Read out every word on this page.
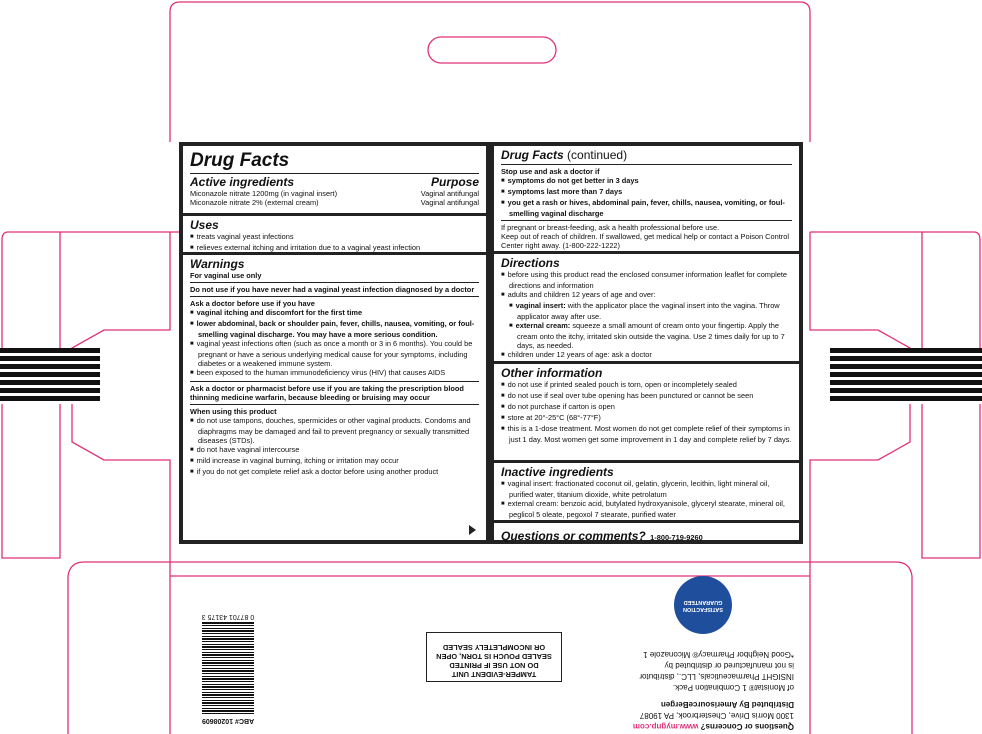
Drug Facts
Active ingredients	Purpose
Miconazole nitrate 1200mg (in vaginal insert)	Vaginal antifungal
Miconazole nitrate 2% (external cream)	Vaginal antifungal
Uses
■ treats vaginal yeast infections
■ relieves external itching and irritation due to a vaginal yeast infection
Warnings
For vaginal use only
Do not use if you have never had a vaginal yeast infection diagnosed by a doctor
Ask a doctor before use if you have
■ vaginal itching and discomfort for the first time
■ lower abdominal, back or shoulder pain, fever, chills, nausea, vomiting, or foul-smelling vaginal discharge. You may have a more serious condition.
■ vaginal yeast infections often (such as once a month or 3 in 6 months). You could be pregnant or have a serious underlying medical cause for your symptoms, including diabetes or a weakened immune system.
■ been exposed to the human immunodeficiency virus (HIV) that causes AIDS
Ask a doctor or pharmacist before use if you are taking the prescription blood thinning medicine warfarin, because bleeding or bruising may occur
When using this product
■ do not use tampons, douches, spermicides or other vaginal products. Condoms and diaphragms may be damaged and fail to prevent pregnancy or sexually transmitted diseases (STDs).
■ do not have vaginal intercourse
■ mild increase in vaginal burning, itching or irritation may occur
■ if you do not get complete relief ask a doctor before using another product
Drug Facts (continued)
Stop use and ask a doctor if
■ symptoms do not get better in 3 days
■ symptoms last more than 7 days
■ you get a rash or hives, abdominal pain, fever, chills, nausea, vomiting, or foul-smelling vaginal discharge
If pregnant or breast-feeding, ask a health professional before use.
Keep out of reach of children. If swallowed, get medical help or contact a Poison Control Center right away. (1-800-222-1222)
Directions
■ before using this product read the enclosed consumer information leaflet for complete directions and information
■ adults and children 12 years of age and over:
■ vaginal insert: with the applicator place the vaginal insert into the vagina. Throw applicator away after use.
■ external cream: squeeze a small amount of cream onto your fingertip. Apply the cream onto the itchy, irritated skin outside the vagina. Use 2 times daily for up to 7 days, as needed.
■ children under 12 years of age: ask a doctor
Other information
■ do not use if printed sealed pouch is torn, open or incompletely sealed
■ do not use if seal over tube opening has been punctured or cannot be seen
■ do not purchase if carton is open
■ store at 20°-25°C (68°-77°F)
■ this is a 1-dose treatment. Most women do not get complete relief of their symptoms in just 1 day. Most women get some improvement in 1 day and complete relief by 7 days.
Inactive ingredients
■ vaginal insert: fractionated coconut oil, gelatin, glycerin, lecithin, light mineral oil, purified water, titanium dioxide, white petrolatum
■ external cream: benzoic acid, butylated hydroxyanisole, glyceryl stearate, mineral oil, peglicol 5 oleate, pegoxol 7 stearate, purified water
Questions or comments? 1-800-719-9260
ABC# 10208609
0 87701 43175 3
TAMPER-EVIDENT UNIT
DO NOT USE IF PRINTED
SEALED POUCH IS TORN, OPEN
OR INCOMPLETELY SEALED
Questions or Concerns? www.mygnp.com
1300 Morris Drive, Chesterbrook, PA 19087
Distributed By AmerisourceBergen
of Monistat® 1 Combination Pack.
INSIGHT Pharmaceuticals, LLC., distributor
is not manufactured or distributed by
*Good Neighbor Pharmacy® Miconazole 1
SATISFACTION GUARANTEED
